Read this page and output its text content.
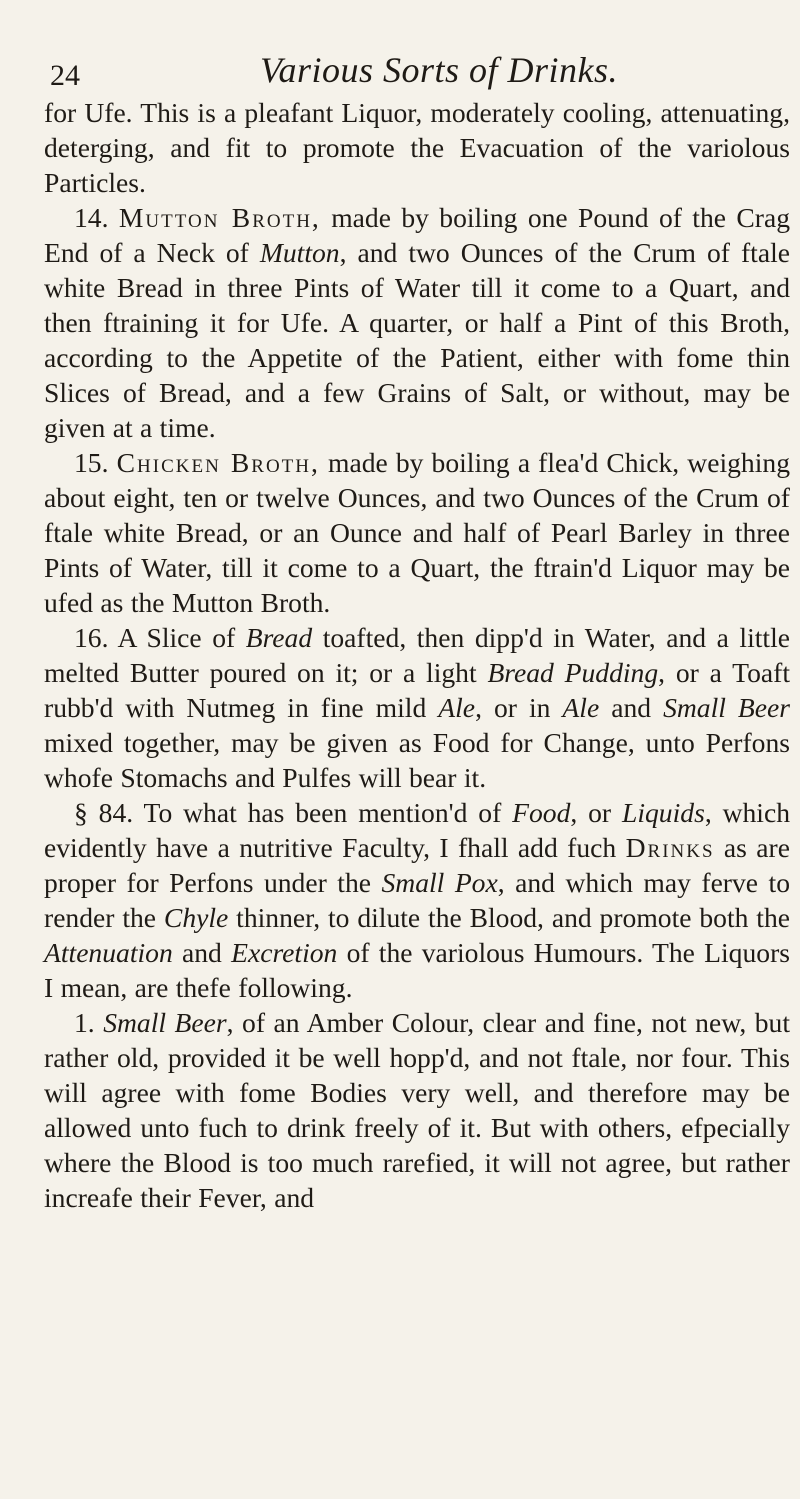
24	Various Sorts of Drinks.

for Ufe. This is a pleafant Liquor, moderately cooling, attenuating, deterging, and fit to promote the Evacuation of the variolous Particles.

14. Mutton Broth, made by boiling one Pound of the Crag End of a Neck of Mutton, and two Ounces of the Crum of ftale white Bread in three Pints of Water till it come to a Quart, and then ftraining it for Ufe. A quarter, or half a Pint of this Broth, according to the Appetite of the Patient, either with fome thin Slices of Bread, and a few Grains of Salt, or without, may be given at a time.

15. Chicken Broth, made by boiling a flea'd Chick, weighing about eight, ten or twelve Ounces, and two Ounces of the Crum of ftale white Bread, or an Ounce and half of Pearl Barley in three Pints of Water, till it come to a Quart, the ftrain'd Liquor may be ufed as the Mutton Broth.

16. A Slice of Bread toafted, then dipp'd in Water, and a little melted Butter poured on it; or a light Bread Pudding, or a Toaft rubb'd with Nutmeg in fine mild Ale, or in Ale and Small Beer mixed together, may be given as Food for Change, unto Perfons whofe Stomachs and Pulfes will bear it.

§ 84. To what has been mention'd of Food, or Liquids, which evidently have a nutritive Faculty, I fhall add fuch Drinks as are proper for Perfons under the Small Pox, and which may ferve to render the Chyle thinner, to dilute the Blood, and promote both the Attenuation and Excretion of the variolous Humours. The Liquors I mean, are thefe following.

1. Small Beer, of an Amber Colour, clear and fine, not new, but rather old, provided it be well hopp'd, and not ftale, nor four. This will agree with fome Bodies very well, and therefore may be allowed unto fuch to drink freely of it. But with others, efpecially where the Blood is too much rarefied, it will not agree, but rather increafe their Fever, and
